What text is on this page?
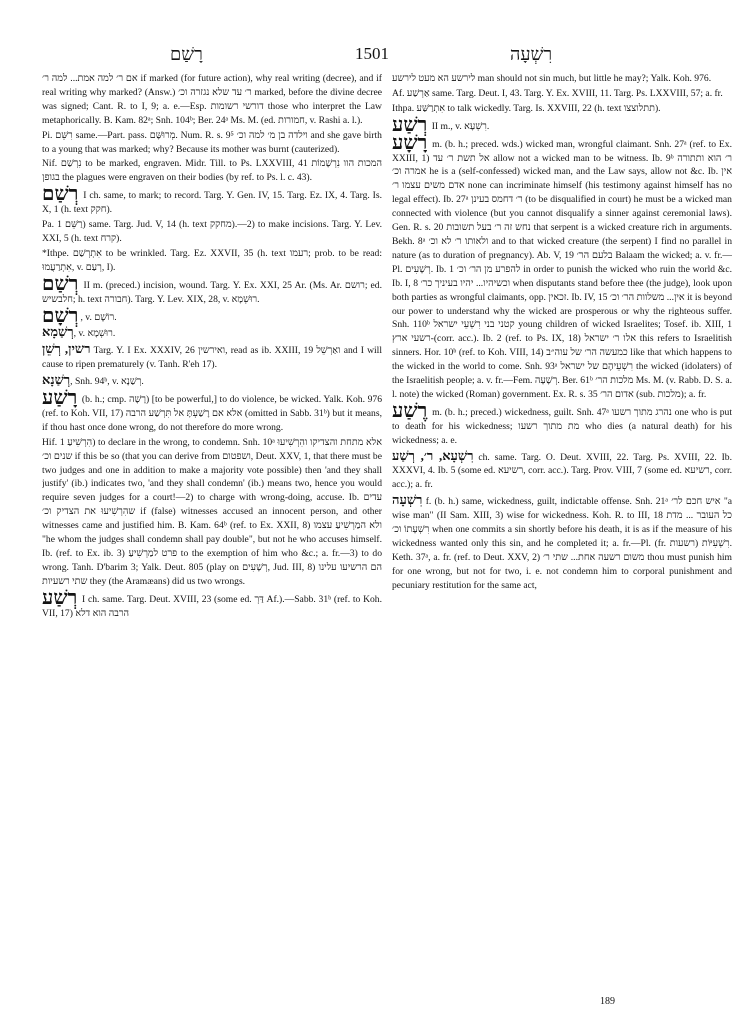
רָשַׁם	1501	רִשְׁעָה

אם ר׳ למה אמת... למה ר׳ if marked (for future action), why real writing (decree), and if real writing why marked? (Answ.) ר׳ עד שלא נגזרה וכ׳ marked, before the divine decree was signed; Cant. R. to I, 9; a. e.—Esp. דורשי רשומות those who interpret the Law metaphorically. B. Kam. 82ᵃ; Snh. 104ᵇ; Ber. 24ᵃ Ms. M. (ed. חמורות, v. Rashi a. l.).

Pi. רִשֵּׁם same.—Part. pass. מְרוּשָּׁם. Num. R. s. 9⁵ וילדה בן מ׳ למה וכ׳ and she gave birth to a young that was marked; why? Because its mother was burnt (cauterized).

Nif. נִרְשַׁם to be marked, engraven. Midr. Till. to Ps. LXXVIII, 41 המכות הוו נִרְשָׁמוֹת בגופן the plagues were engraven on their bodies (by ref. to Ps. l. c. 43).

רְשַׁם I ch. same, to mark; to record. Targ. Y. Gen. IV, 15. Targ. Ez. IX, 4. Targ. Is. X, 1 (h. text חקק).

Pa. רַשֵּׁם 1) same. Targ. Jud. V, 14 (h. text מחקק).—2) to make incisions. Targ. Y. Lev. XXI, 5 (h. text קרח).

*Ithpe. אִתְרְשַׁם to be wrinkled. Targ. Ez. XXVII, 35 (h. text רעמו; prob. to be read: אִתְרַעֲמוּ, v. רְעַם, I).

רְשַׁם II m. (preced.) incision, wound. Targ. Y. Ex. XXI, 25 Ar. (Ms. Ar. רושם; ed. חלבשיש; h. text חבורה). Targ. Y. Lev. XIX, 28, v. רוּשְׁמָא.

רְשָׁם , v. רוֹשֶׁם.

רְשַׁמָא, v. רוּשְׁמָא.

רשין, רְשֵׁן Targ. Y. I Ex. XXXIV, 26 ואירשין, read as ib. XXIII, 19 ואַרְשֵׁל and I will cause to ripen prematurely (v. Tanh. R'eh 17).

רְשַׁנָא, Snh. 94ᵇ, v. רְשַׁנָא.

רָשַׁע (b. h.; cmp. רָשָׁה) [to be powerful,] to do violence, be wicked. Yalk. Koh. 976 (ref. to Koh. VII, 17) אלא אם רָשַׁעְתָּ אל תִּרְשַׁע הרבה (omitted in Sabb. 31ᵇ) but it means, if thou hast once done wrong, do not therefore do more wrong.

Hif. הִרְשִׁיעַ 1) to declare in the wrong, to condemn. Snh. 10ᵃ אלא מתחת והצדיקו והִרְשִׁיעוּ שנים וכ׳ if this be so (that you can derive from ושפטום, Deut. XXV, 1, that there must be two judges and one in addition to make a majority vote possible) then 'and they shall justify' (ib.) indicates two, 'and they shall condemn' (ib.) means two, hence you would require seven judges for a court!—2) to charge with wrong-doing, accuse. Ib. עדים שהִרְשִׁיעוּ את הצדיק וכ׳ if (false) witnesses accused an innocent person, and other witnesses came and justified him. B. Kam. 64ᵇ (ref. to Ex. XXII, 8) ולא המַרְשִׁיעַ עצמו "he whom the judges shall condemn shall pay double", but not he who accuses himself. Ib. (ref. to Ex. ib. 3) פרט למַרְשִׁיעַ to the exemption of him who &c.; a. fr.—3) to do wrong. Tanh. D'barim 3; Yalk. Deut. 805 (play on רְשָׁעִים, Jud. III, 8) הם הרשיעו עלינו שתי רשעיות they (the Aramæans) did us two wrongs.

רְשַׁע I ch. same. Targ. Deut. XVIII, 23 (some ed. דַּרְ Af.).—Sabb. 31ᵇ (ref. to Koh. VII, 17) הרבה הוא דלא

לירשע הא מעט לירשע man should not sin much, but little he may?; Yalk. Koh. 976.

Af. אַרְשַׁע same. Targ. Deut. I, 43. Targ. Y. Ex. XVIII, 11. Targ. Ps. LXXVIII, 57; a. fr.

Ithpa. אִתְרַשַּׁע to talk wickedly. Targ. Is. XXVIII, 22 (h. text תתלוצצו).

רְשַׁע II m., v. רִשְׁעָא.

רָשָׁע m. (b. h.; preced. wds.) wicked man, wrongful claimant. Snh. 27ᵃ (ref. to Ex. XXIII, 1) אל תשת ר׳ עד allow not a wicked man to be witness. Ib. 9ᵇ ר׳ הוא ותתורה אמרה וכ׳ he is a (self-confessed) wicked man, and the Law says, allow not &c. Ib. אין אדם משים עצמו ר׳ none can incriminate himself (his testimony against himself has no legal effect). Ib. 27ᵃ ר׳ דחמס בעינן (to be disqualified in court) he must be a wicked man connected with violence (but you cannot disqualify a sinner against ceremonial laws). Gen. R. s. 20 נחש זה ר׳ בעל תשובות that serpent is a wicked creature rich in arguments. Bekh. 8ᵃ ולאותו ר׳ לא וכ׳ and to that wicked creature (the serpent) I find no parallel in nature (as to duration of pregnancy). Ab. V, 19 בלעם הר׳ Balaam the wicked; a. v. fr.—Pl. רְשָׁעִים. Ib. 1 להפרע מן הר׳ וכ׳ in order to punish the wicked who ruin the world &c. Ib. I, 8 וכשיהיו... יהיו בעיניך כר׳ when disputants stand before thee (the judge), look upon both parties as wrongful claimants, opp. זכאין. Ib. IV, 15 אין... משלוות הר׳ וכ׳ it is beyond our power to understand why the wicked are prosperous or why the righteous suffer. Snh. 110ᵇ קטני בני רִשְׁעֵי ישראל young children of wicked Israelites; Tosef. ib. XIII, 1 רשעי ארץ-(corr. acc.). Ib. 2 (ref. to Ps. IX, 18) אלו ר׳ ישראל this refers to Israelitish sinners. Hor. 10ᵇ (ref. to Koh. VIII, 14) כמעשה הר׳ של עוה״ב like that which happens to the wicked in the world to come. Snh. 93ᵃ רִשְׁעֵיהֶם של ישראל the wicked (idolaters) of the Israelitish people; a. v. fr.—Fem. רְשָׁעָה. Ber. 61ᵇ מלכות הר׳ Ms. M. (v. Rabb. D. S. a. l. note) the wicked (Roman) government. Ex. R. s. 35 אדום הר׳ (sub. מלכות); a. fr.

רֶשַׁע m. (b. h.; preced.) wickedness, guilt. Snh. 47ᵃ נהרג מתוך רשעו one who is put to death for his wickedness; מת מתוך רשעו who dies (a natural death) for his wickedness; a. e.

רִשְׁעָא, ר׳, רְשַׁע ch. same. Targ. O. Deut. XVIII, 22. Targ. Ps. XVIII, 22. Ib. XXXVI, 4. Ib. 5 (some ed. רשיעא, corr. acc.). Targ. Prov. VIII, 7 (some ed. רשיעא, corr. acc.); a. fr.

רִשְׁעָה f. (b. h.) same, wickedness, guilt, indictable offense. Snh. 21ᵃ איש חכם לר׳ "a wise man" (II Sam. XIII, 3) wise for wickedness. Koh. R. to III, 18 כל העובר ... מדת רִשְׁעָתוֹ וכ׳ when one commits a sin shortly before his death, it is as if the measure of his wickedness wanted only this sin, and he completed it; a. fr.—Pl. (fr. רשעות) רִשְׁעִיּוֹת. Keth. 37ᵃ, a. fr. (ref. to Deut. XXV, 2) משום רשעה אחת... שתי ר׳ thou must punish him for one wrong, but not for two, i. e. not condemn him to corporal punishment and pecuniary restitution for the same act,

189
